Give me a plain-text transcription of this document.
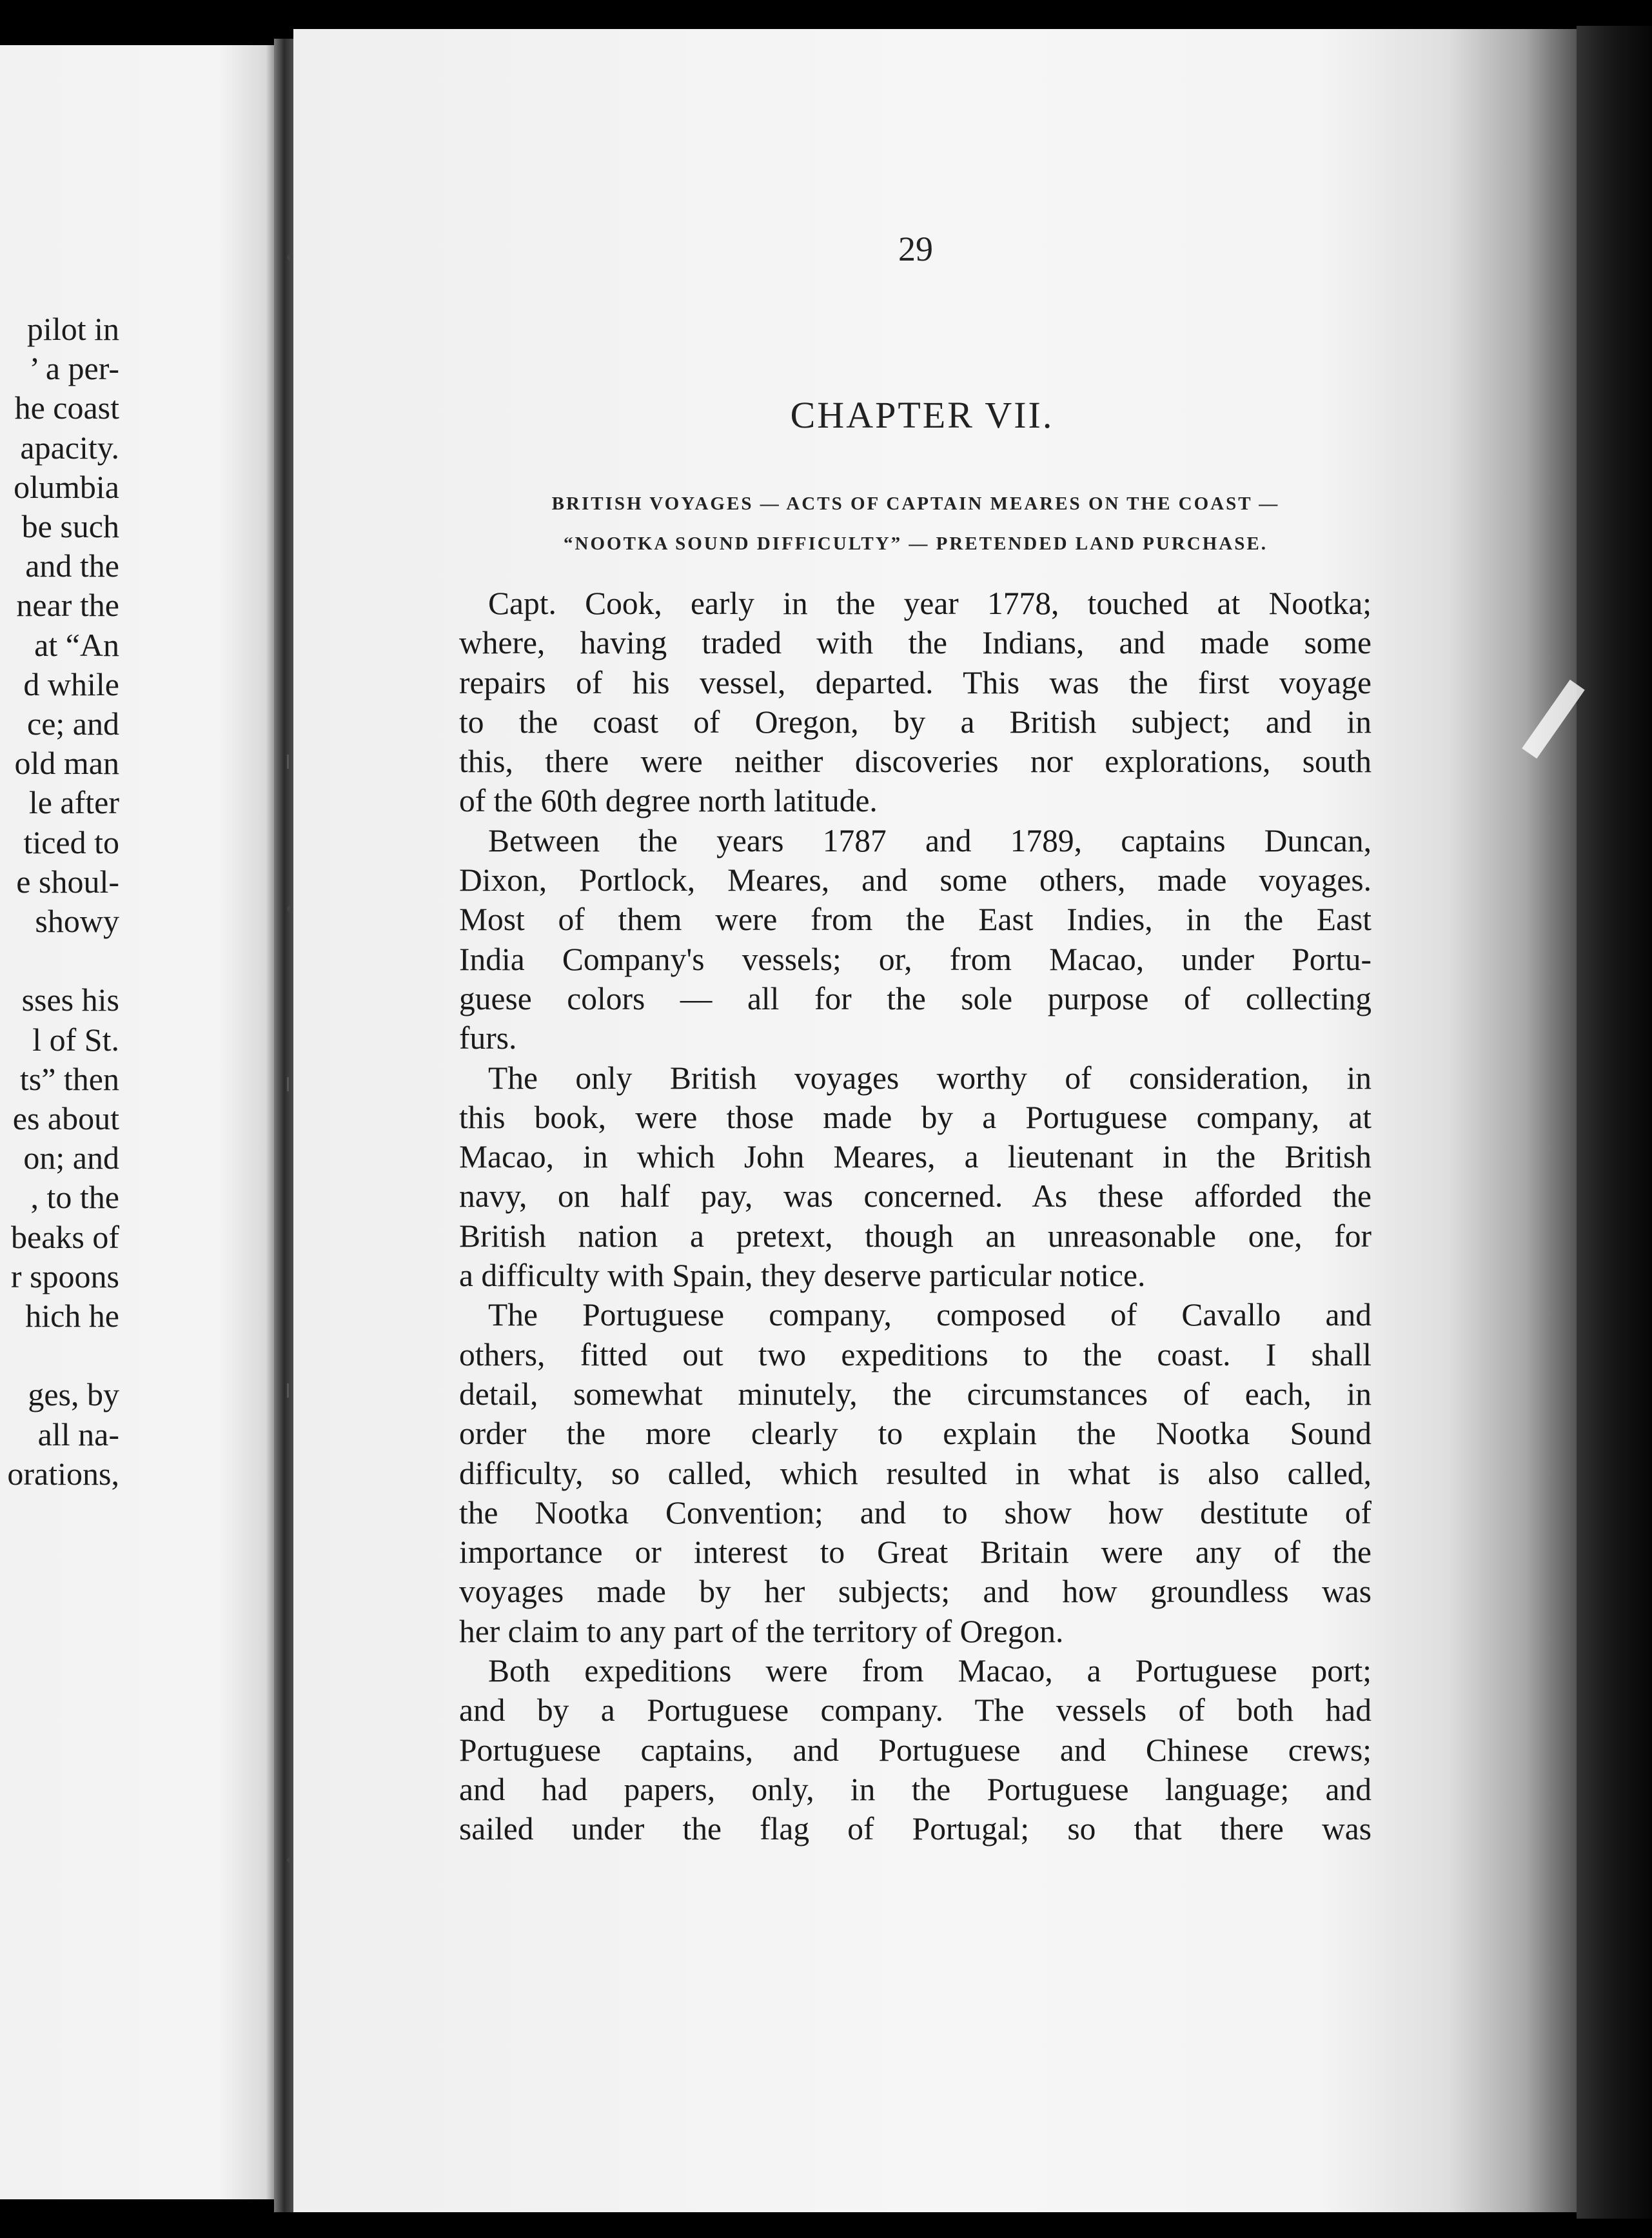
pilot in
’ a per-
he coast
apacity.
olumbia
be such
and the
near the
at “An
d while
ce; and
old man
le after
ticed to
e shoul-
showy

sses his
l of St.
ts” then
es about
on; and
, to the
beaks of
r spoons
hich he

ges, by
all na-
orations,
29
CHAPTER VII.
BRITISH VOYAGES — ACTS OF CAPTAIN MEARES ON THE COAST —
“NOOTKA SOUND DIFFICULTY” — PRETENDED LAND PURCHASE.
Capt. Cook, early in the year 1778, touched at Nootka;
where, having traded with the Indians, and made some
repairs of his vessel, departed. This was the first voyage
to the coast of Oregon, by a British subject; and in
this, there were neither discoveries nor explorations, south
of the 60th degree north latitude.
Between the years 1787 and 1789, captains Duncan,
Dixon, Portlock, Meares, and some others, made voyages.
Most of them were from the East Indies, in the East
India Company's vessels; or, from Macao, under Portu-
guese colors — all for the sole purpose of collecting
furs.
The only British voyages worthy of consideration, in
this book, were those made by a Portuguese company, at
Macao, in which John Meares, a lieutenant in the British
navy, on half pay, was concerned. As these afforded the
British nation a pretext, though an unreasonable one, for
a difficulty with Spain, they deserve particular notice.
The Portuguese company, composed of Cavallo and
others, fitted out two expeditions to the coast. I shall
detail, somewhat minutely, the circumstances of each, in
order the more clearly to explain the Nootka Sound
difficulty, so called, which resulted in what is also called,
the Nootka Convention; and to show how destitute of
importance or interest to Great Britain were any of the
voyages made by her subjects; and how groundless was
her claim to any part of the territory of Oregon.
Both expeditions were from Macao, a Portuguese port;
and by a Portuguese company. The vessels of both had
Portuguese captains, and Portuguese and Chinese crews;
and had papers, only, in the Portuguese language; and
sailed under the flag of Portugal; so that there was
